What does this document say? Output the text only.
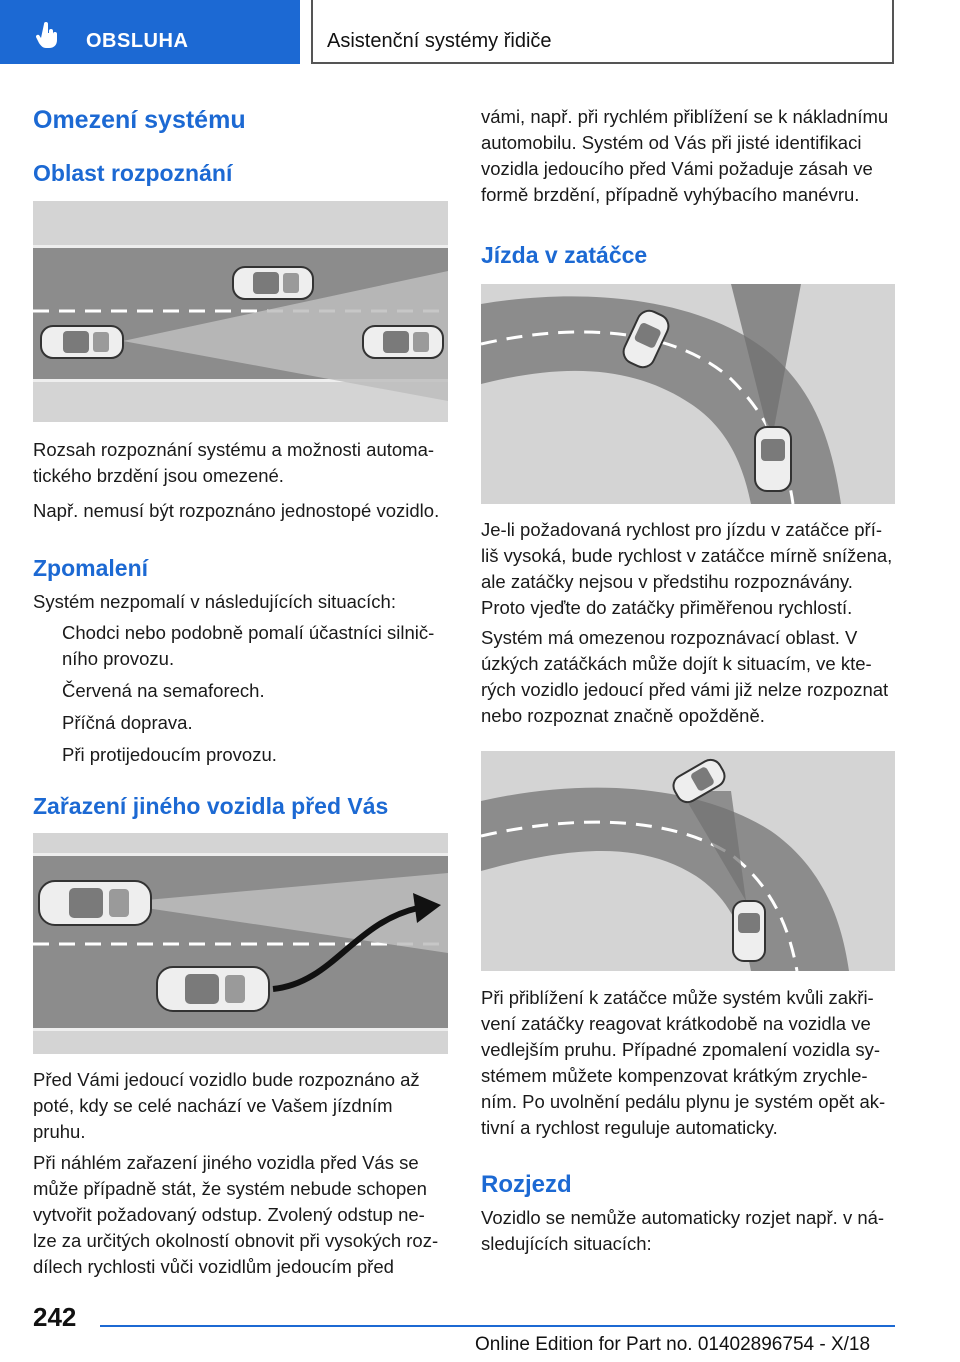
OBSLUHA	Asistenční systémy řidiče
Omezení systému
Oblast rozpoznání
Rozsah rozpoznání systému a možnosti automa-
tického brzdění jsou omezené.
Např. nemusí být rozpoznáno jednostopé vozidlo.
Zpomalení
Systém nezpomalí v následujících situacích:
Chodci nebo podobně pomalí účastníci silnič-
ního provozu.
Červená na semaforech.
Příčná doprava.
Při protijedoucím provozu.
Zařazení jiného vozidla před Vás
Před Vámi jedoucí vozidlo bude rozpoznáno až
poté, kdy se celé nachází ve Vašem jízdním
pruhu.
Při náhlém zařazení jiného vozidla před Vás se
může případně stát, že systém nebude schopen
vytvořit požadovaný odstup. Zvolený odstup ne-
lze za určitých okolností obnovit při vysokých roz-
dílech rychlosti vůči vozidlům jedoucím před
vámi, např. při rychlém přiblížení se k nákladnímu
automobilu. Systém od Vás při jisté identifikaci
vozidla jedoucího před Vámi požaduje zásah ve
formě brzdění, případně vyhýbacího manévru.
Jízda v zatáčce
Je-li požadovaná rychlost pro jízdu v zatáčce pří-
liš vysoká, bude rychlost v zatáčce mírně snížena,
ale zatáčky nejsou v předstihu rozpoznávány.
Proto vjeďte do zatáčky přiměřenou rychlostí.
Systém má omezenou rozpoznávací oblast. V
úzkých zatáčkách může dojít k situacím, ve kte-
rých vozidlo jedoucí před vámi již nelze rozpoznat
nebo rozpoznat značně opožděně.
Při přiblížení k zatáčce může systém kvůli zakři-
vení zatáčky reagovat krátkodobě na vozidla ve
vedlejším pruhu. Případné zpomalení vozidla sy-
stémem můžete kompenzovat krátkým zrychle-
ním. Po uvolnění pedálu plynu je systém opět ak-
tivní a rychlost reguluje automaticky.
Rozjezd
Vozidlo se nemůže automaticky rozjet např. v ná-
sledujících situacích:
242
Online Edition for Part no. 01402896754 - X/18
